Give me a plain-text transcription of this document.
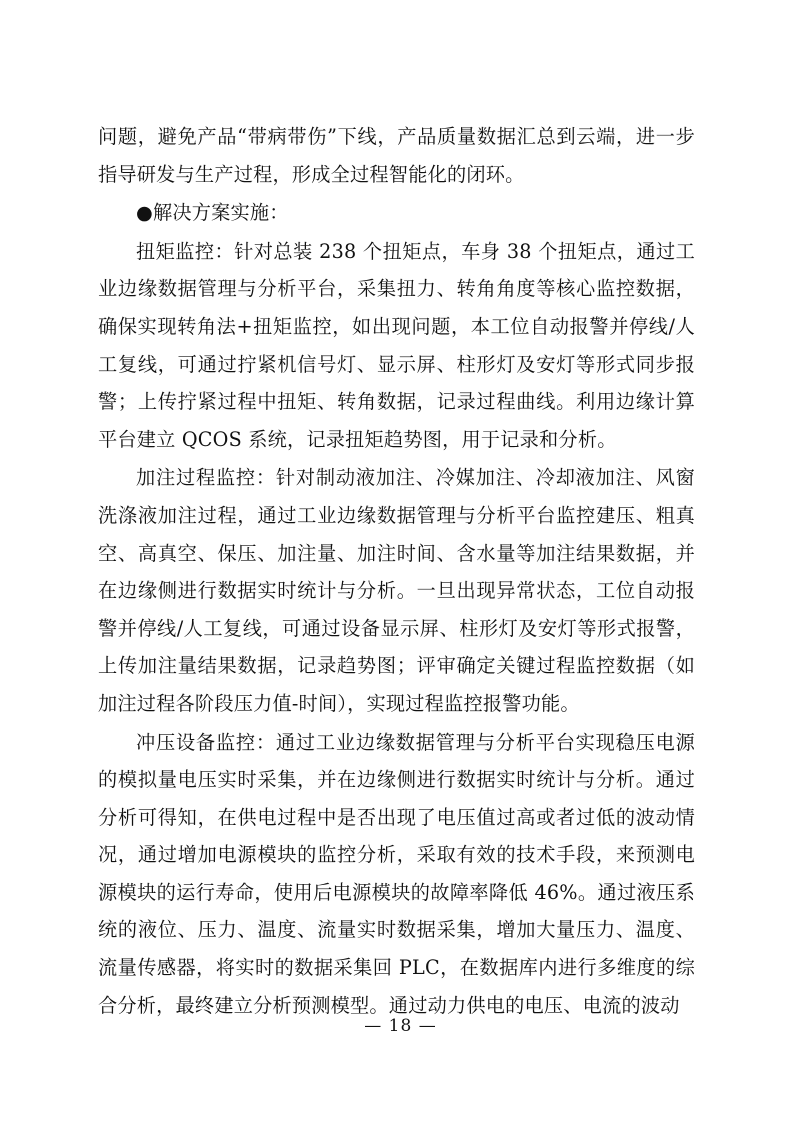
问题，避免产品“带病带伤”下线，产品质量数据汇总到云端，进一步指导研发与生产过程，形成全过程智能化的闭环。

●解决方案实施：

扭矩监控：针对总装 238 个扭矩点，车身 38 个扭矩点，通过工业边缘数据管理与分析平台，采集扭力、转角角度等核心监控数据，确保实现转角法+扭矩监控，如出现问题，本工位自动报警并停线/人工复线，可通过拧紧机信号灯、显示屏、柱形灯及安灯等形式同步报警；上传拧紧过程中扭矩、转角数据，记录过程曲线。利用边缘计算平台建立 QCOS 系统，记录扭矩趋势图，用于记录和分析。

加注过程监控：针对制动液加注、冷媒加注、冷却液加注、风窗洗涤液加注过程，通过工业边缘数据管理与分析平台监控建压、粗真空、高真空、保压、加注量、加注时间、含水量等加注结果数据，并在边缘侧进行数据实时统计与分析。一旦出现异常状态，工位自动报警并停线/人工复线，可通过设备显示屏、柱形灯及安灯等形式报警，上传加注量结果数据，记录趋势图；评审确定关键过程监控数据（如加注过程各阶段压力值-时间），实现过程监控报警功能。

冲压设备监控：通过工业边缘数据管理与分析平台实现稳压电源的模拟量电压实时采集，并在边缘侧进行数据实时统计与分析。通过分析可得知，在供电过程中是否出现了电压值过高或者过低的波动情况，通过增加电源模块的监控分析，采取有效的技术手段，来预测电源模块的运行寿命，使用后电源模块的故障率降低 46%。通过液压系统的液位、压力、温度、流量实时数据采集，增加大量压力、温度、流量传感器，将实时的数据采集回 PLC，在数据库内进行多维度的综合分析，最终建立分析预测模型。通过动力供电的电压、电流的波动

— 18 —
